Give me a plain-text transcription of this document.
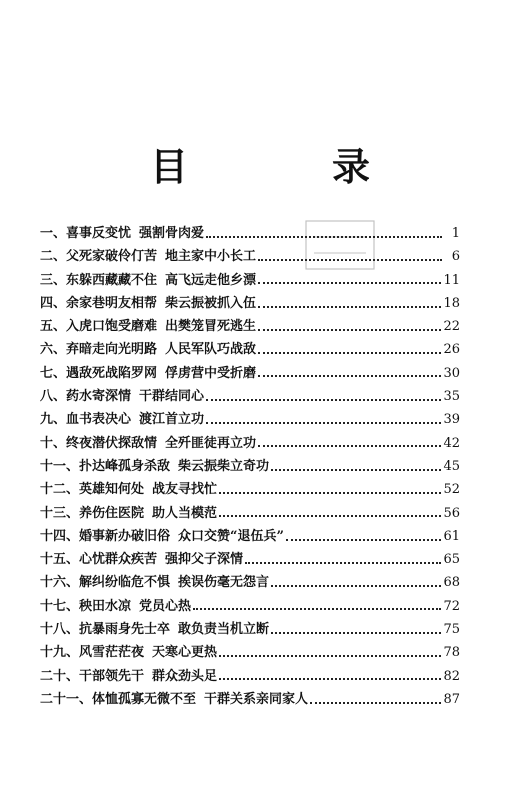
目	录
一、 喜事反变忧 强割骨肉爱	1
二、 父死家破伶仃苦 地主家中小长工	6
三、 东躲西藏藏不住 高飞远走他乡漂	11
四、 余家巷明友相帮 柴云振被抓入伍	18
五、 入虎口饱受磨难 出樊笼冒死逃生	22
六、 弃暗走向光明路 人民军队巧战敌	26
七、 遇敌死战陷罗网 俘虏营中受折磨	30
八、 药水寄深情 干群结同心	35
九、 血书表决心 渡江首立功	39
十、 终夜潜伏探敌情 全歼匪徒再立功	42
十一、 扑达峰孤身杀敌 柴云振柴立奇功	45
十二、 英雄知何处 战友寻找忙	52
十三、 养伤住医院 助人当模范	56
十四、 婚事新办破旧俗 众口交赞“退伍兵”	61
十五、 心忧群众疾苦 强抑父子深情	65
十六、 解纠纷临危不惧 挨误伤毫无怨言	68
十七、 秧田水凉 党员心热	72
十八、 抗暴雨身先士卒 敢负责当机立断	75
十九、 风雪茫茫夜 天寒心更热	78
二十、 干部领先干 群众劲头足	82
二十一、 体恤孤寡无微不至 干群关系亲同家人	87
